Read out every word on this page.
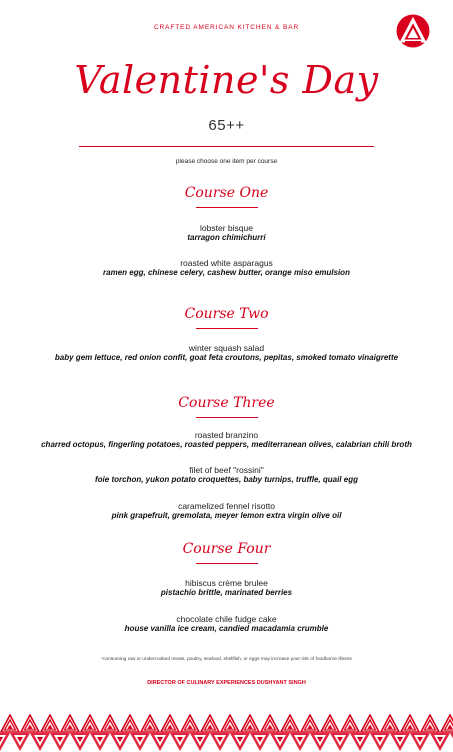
CRAFTED AMERICAN KITCHEN & BAR
Valentine's Day
65++
please choose one item per course
Course One
lobster bisque
tarragon chimichurri
roasted white asparagus
ramen egg, chinese celery, cashew butter, orange miso emulsion
Course Two
winter squash salad
baby gem lettuce, red onion confit, goat feta croutons, pepitas, smoked tomato vinaigrette
Course Three
roasted branzino
charred octopus, fingerling potatoes, roasted peppers, mediterranean olives, calabrian chili broth
filet of beef "rossini"
foie torchon, yukon potato croquettes, baby turnips, truffle, quail egg
caramelized fennel risotto
pink grapefruit, gremolata, meyer lemon extra virgin olive oil
Course Four
hibiscus crème brulee
pistachio brittle, marinated berries
chocolate chile fudge cake
house vanilla ice cream, candied macadamia crumble
*consuming raw or undercooked meats, poultry, seafood, shellfish, or eggs may increase your risk of foodborne illness
DIRECTOR OF CULINARY EXPERIENCES DUSHYANT SINGH
